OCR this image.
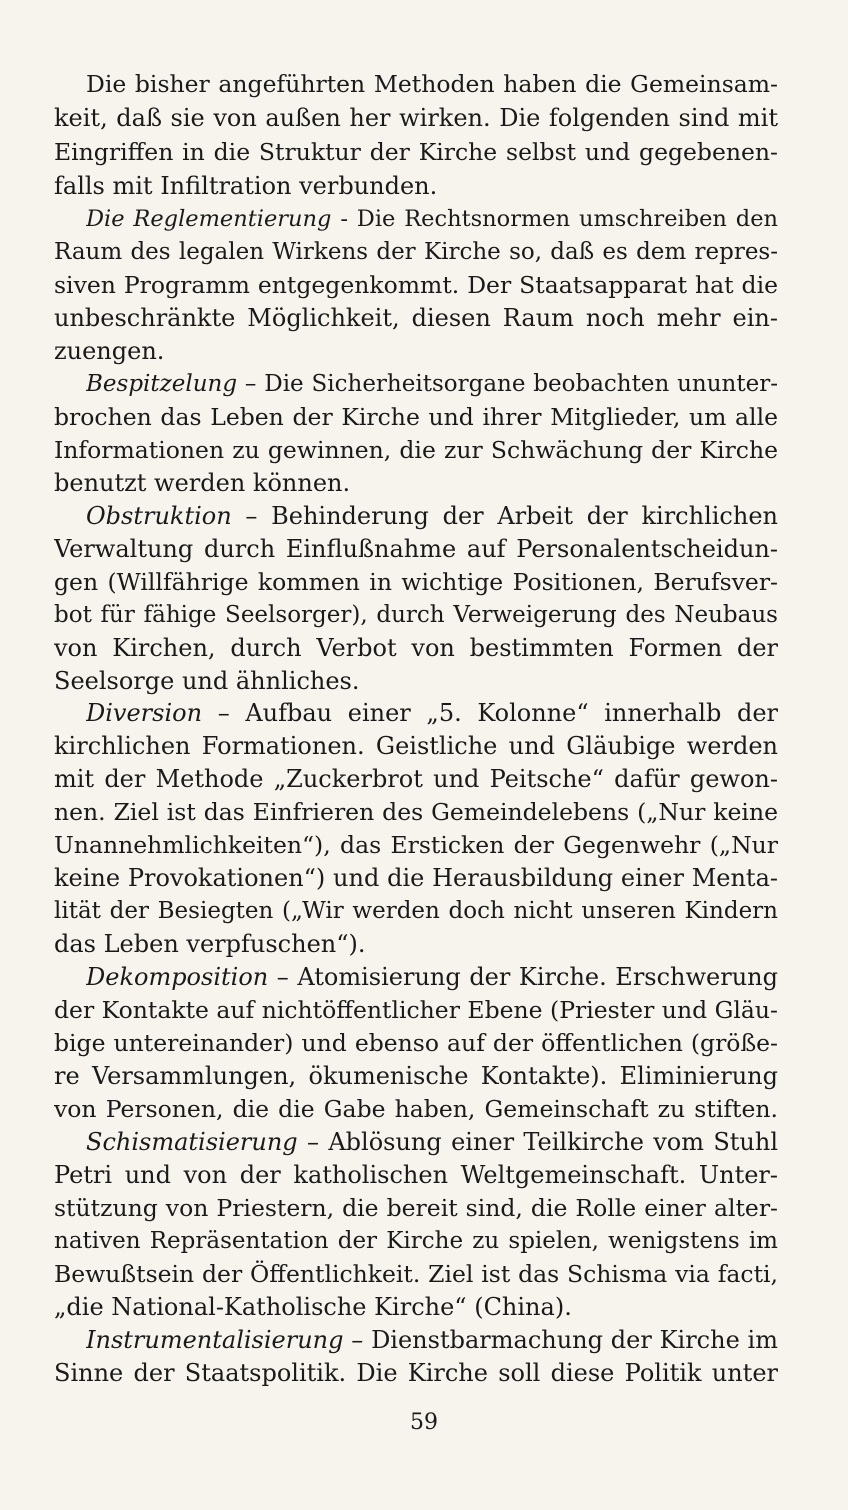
Die bisher angeführten Methoden haben die Gemeinsam-
keit, daß sie von außen her wirken. Die folgenden sind mit
Eingriffen in die Struktur der Kirche selbst und gegebenen-
falls mit Infiltration verbunden.
Die Reglementierung - Die Rechtsnormen umschreiben den
Raum des legalen Wirkens der Kirche so, daß es dem repres-
siven Programm entgegenkommt. Der Staatsapparat hat die
unbeschränkte Möglichkeit, diesen Raum noch mehr ein-
zuengen.
Bespitzelung – Die Sicherheitsorgane beobachten ununter-
brochen das Leben der Kirche und ihrer Mitglieder, um alle
Informationen zu gewinnen, die zur Schwächung der Kirche
benutzt werden können.
Obstruktion – Behinderung der Arbeit der kirchlichen
Verwaltung durch Einflußnahme auf Personalentscheidun-
gen (Willfährige kommen in wichtige Positionen, Berufsver-
bot für fähige Seelsorger), durch Verweigerung des Neubaus
von Kirchen, durch Verbot von bestimmten Formen der
Seelsorge und ähnliches.
Diversion – Aufbau einer „5. Kolonne“ innerhalb der
kirchlichen Formationen. Geistliche und Gläubige werden
mit der Methode „Zuckerbrot und Peitsche“ dafür gewon-
nen. Ziel ist das Einfrieren des Gemeindelebens („Nur keine
Unannehmlichkeiten“), das Ersticken der Gegenwehr („Nur
keine Provokationen“) und die Herausbildung einer Menta-
lität der Besiegten („Wir werden doch nicht unseren Kindern
das Leben verpfuschen“).
Dekomposition – Atomisierung der Kirche. Erschwerung
der Kontakte auf nichtöffentlicher Ebene (Priester und Gläu-
bige untereinander) und ebenso auf der öffentlichen (größe-
re Versammlungen, ökumenische Kontakte). Eliminierung
von Personen, die die Gabe haben, Gemeinschaft zu stiften.
Schismatisierung – Ablösung einer Teilkirche vom Stuhl
Petri und von der katholischen Weltgemeinschaft. Unter-
stützung von Priestern, die bereit sind, die Rolle einer alter-
nativen Repräsentation der Kirche zu spielen, wenigstens im
Bewußtsein der Öffentlichkeit. Ziel ist das Schisma via facti,
„die National-Katholische Kirche“ (China).
Instrumentalisierung – Dienstbarmachung der Kirche im
Sinne der Staatspolitik. Die Kirche soll diese Politik unter
59
